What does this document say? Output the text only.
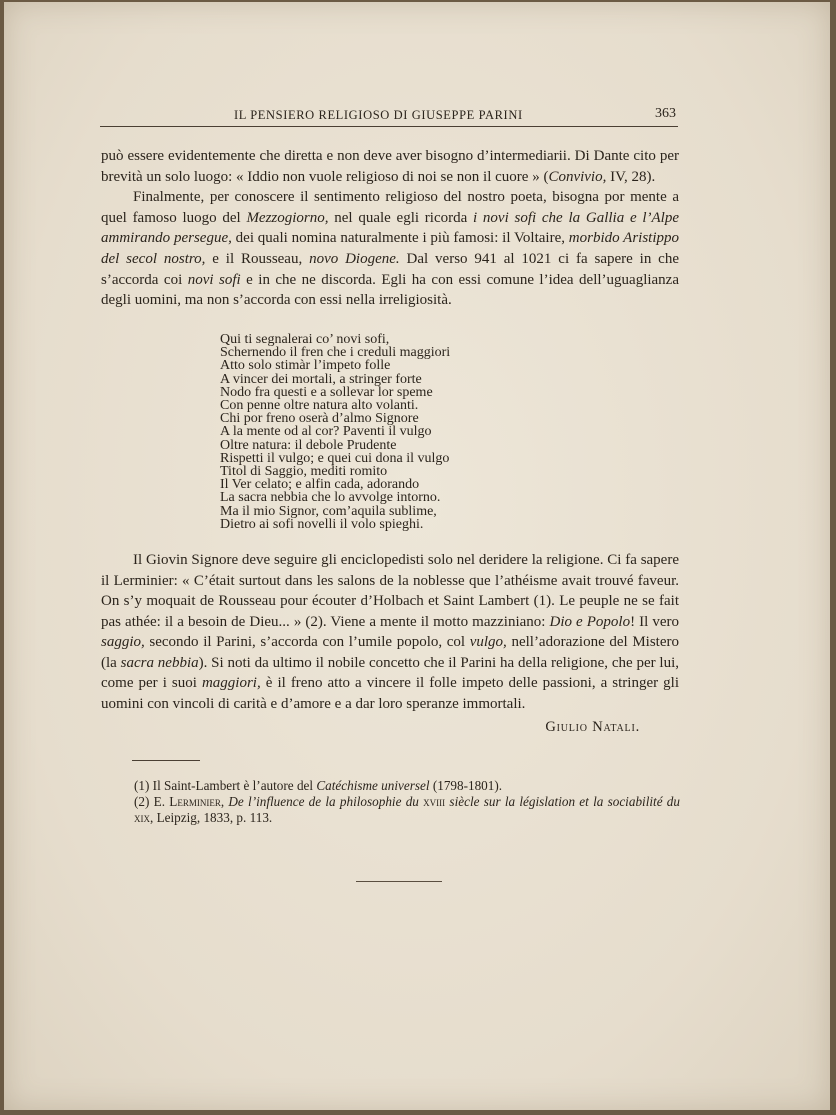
IL PENSIERO RELIGIOSO DI GIUSEPPE PARINI	363

può essere evidentemente che diretta e non deve aver bisogno d’intermediarii. Di Dante cito per brevità un solo luogo: « Iddio non vuole religioso di noi se non il cuore » (Convivio, IV, 28).

Finalmente, per conoscere il sentimento religioso del nostro poeta, bisogna por mente a quel famoso luogo del Mezzogiorno, nel quale egli ricorda i novi sofi che la Gallia e l’Alpe ammirando persegue, dei quali nomina naturalmente i più famosi: il Voltaire, morbido Aristippo del secol nostro, e il Rousseau, novo Diogene. Dal verso 941 al 1021 ci fa sapere in che s’accorda coi novi sofi e in che ne discorda. Egli ha con essi comune l’idea dell’uguaglianza degli uomini, ma non s’accorda con essi nella irreligiosità.

Qui ti segnalerai co’ novi sofi,
Schernendo il fren che i creduli maggiori
Atto solo stimàr l’impeto folle
A vincer dei mortali, a stringer forte
Nodo fra questi e a sollevar lor speme
Con penne oltre natura alto volanti.
Chi por freno oserà d’almo Signore
A la mente od al cor? Paventi il vulgo
Oltre natura: il debole Prudente
Rispetti il vulgo; e quei cui dona il vulgo
Titol di Saggio, mediti romito
Il Ver celato; e alfin cada, adorando
La sacra nebbia che lo avvolge intorno.
Ma il mio Signor, com’aquila sublime,
Dietro ai sofi novelli il volo spieghi.

Il Giovin Signore deve seguire gli enciclopedisti solo nel deridere la religione. Ci fa sapere il Lerminier: « C’était surtout dans les salons de la noblesse que l’athéisme avait trouvé faveur. On s’y moquait de Rousseau pour écouter d’Holbach et Saint Lambert (1). Le peuple ne se fait pas athée: il a besoin de Dieu... » (2). Viene a mente il motto mazziniano: Dio e Popolo! Il vero saggio, secondo il Parini, s’accorda con l’umile popolo, col vulgo, nell’adorazione del Mistero (la sacra nebbia). Si noti da ultimo il nobile concetto che il Parini ha della religione, che per lui, come per i suoi maggiori, è il freno atto a vincere il folle impeto delle passioni, a stringer gli uomini con vincoli di carità e d’amore e a dar loro speranze immortali.

Giulio Natali.

(1) Il Saint-Lambert è l’autore del Catéchisme universel (1798-1801).

(2) E. Lerminier, De l’influence de la philosophie du xviii siècle sur la législation et la sociabilité du xix, Leipzig, 1833, p. 113.
